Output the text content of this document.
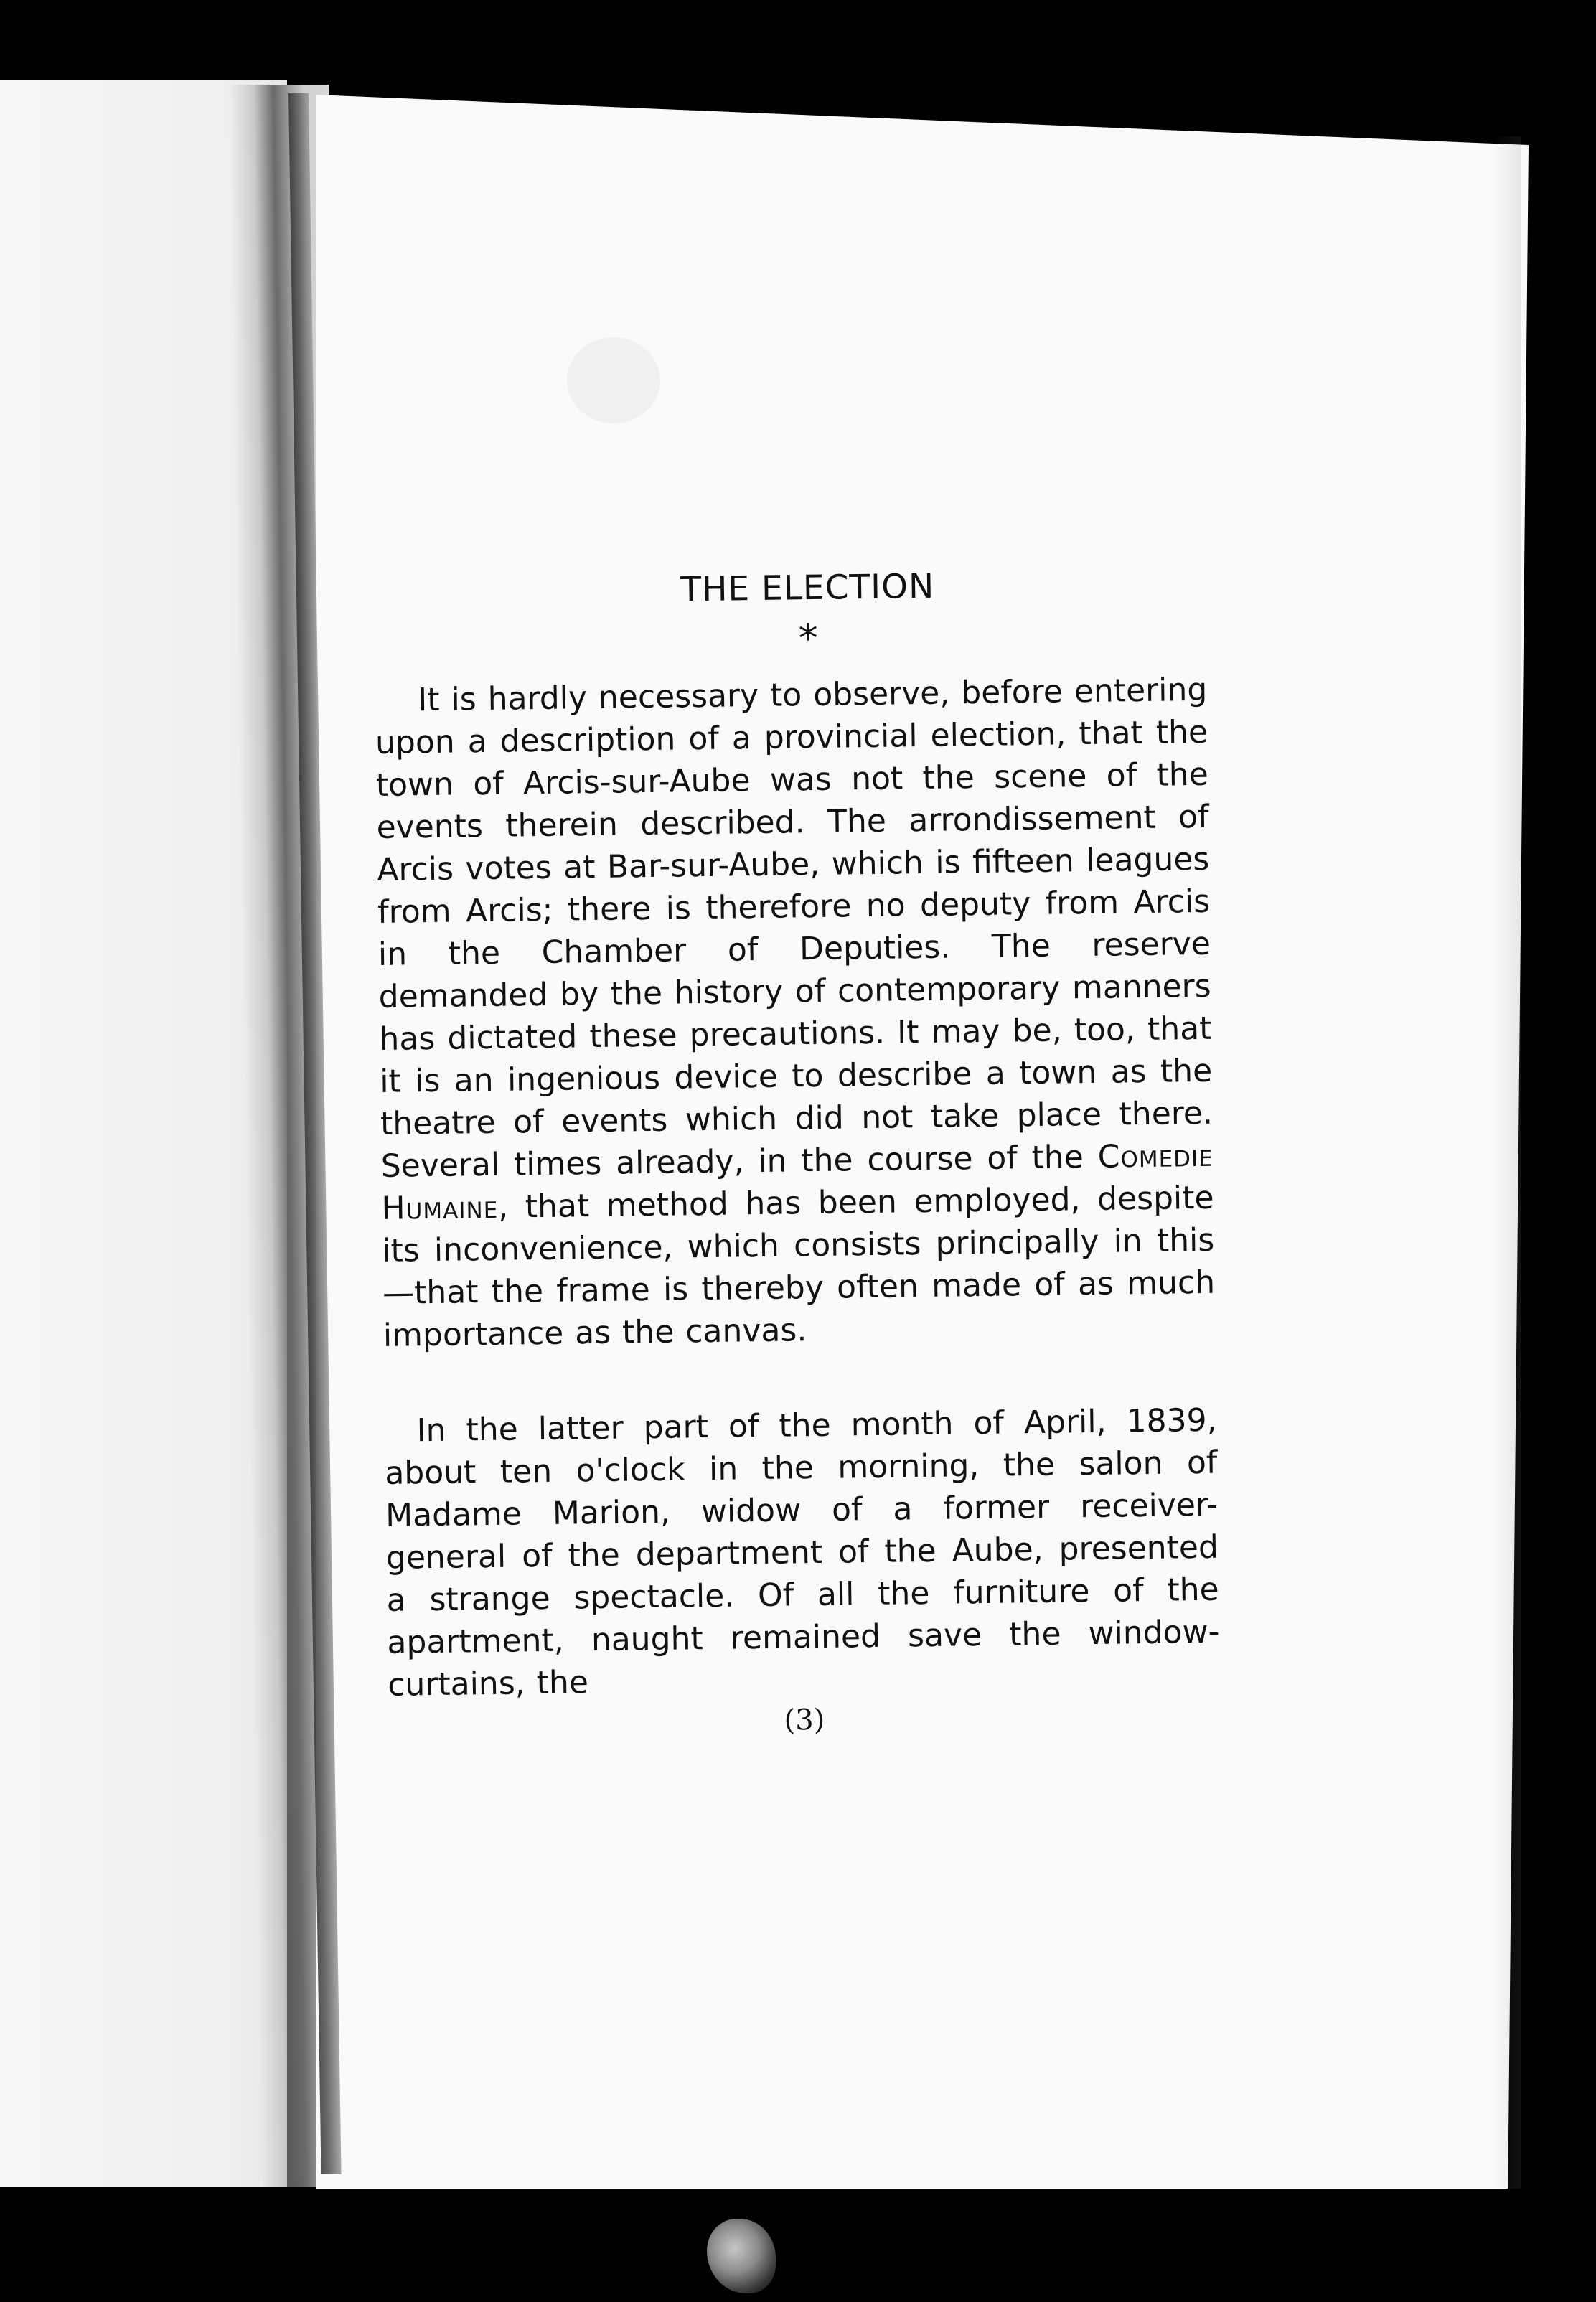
THE ELECTION
*

It is hardly necessary to observe, before entering upon a description of a provincial election, that the town of Arcis-sur-Aube was not the scene of the events therein described. The arrondissement of Arcis votes at Bar-sur-Aube, which is fifteen leagues from Arcis; there is therefore no deputy from Arcis in the Chamber of Deputies. The reserve demanded by the history of contemporary manners has dictated these precautions. It may be, too, that it is an ingenious device to describe a town as the theatre of events which did not take place there. Several times already, in the course of the Comedie Humaine, that method has been employed, despite its inconvenience, which consists principally in this —that the frame is thereby often made of as much importance as the canvas.

In the latter part of the month of April, 1839, about ten o'clock in the morning, the salon of Madame Marion, widow of a former receiver-general of the department of the Aube, presented a strange spectacle. Of all the furniture of the apartment, naught remained save the window-curtains, the

(3)
